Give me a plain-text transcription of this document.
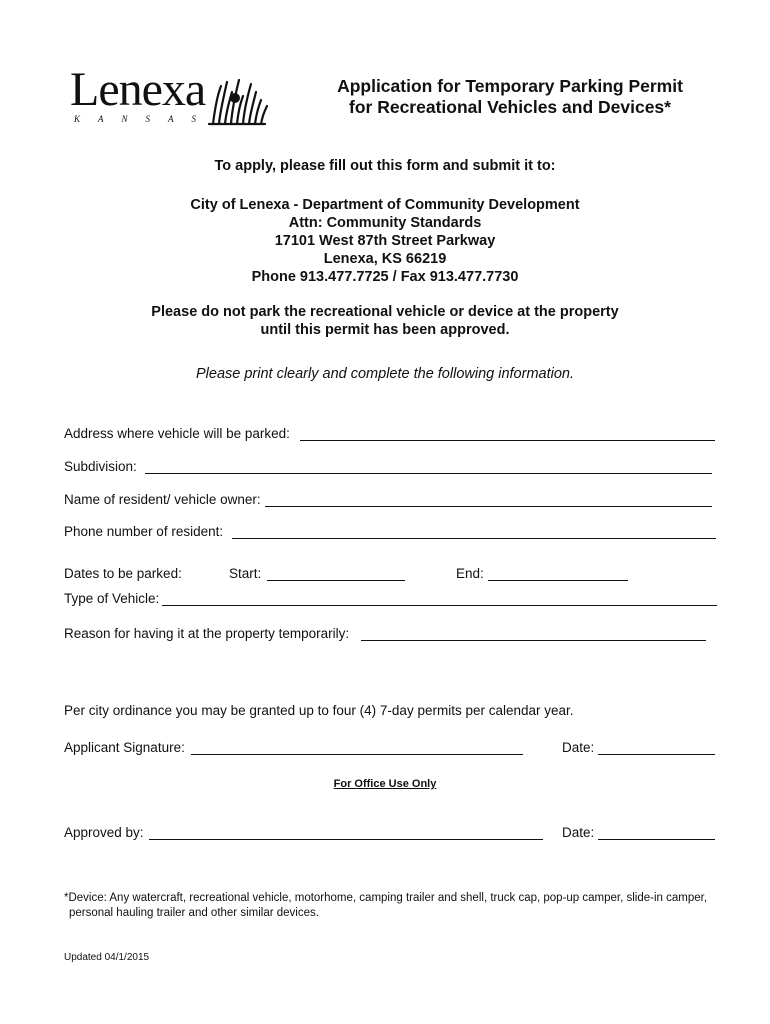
Lenexa
KANSAS
Application for Temporary Parking Permit
for Recreational Vehicles and Devices*
To apply, please fill out this form and submit it to:
City of Lenexa - Department of Community Development
Attn: Community Standards
17101 West 87th Street Parkway
Lenexa, KS 66219
Phone 913.477.7725 / Fax 913.477.7730
Please do not park the recreational vehicle or device at the property
until this permit has been approved.
Please print clearly and complete the following information.
Address where vehicle will be parked:
Subdivision:
Name of resident/ vehicle owner:
Phone number of resident:
Dates to be parked:	Start:	End:
Type of Vehicle:
Reason for having it at the property temporarily:
Per city ordinance you may be granted up to four (4) 7-day permits per calendar year.
Applicant Signature:	Date:
For Office Use Only
Approved by:	Date:
*Device: Any watercraft, recreational vehicle, motorhome, camping trailer and shell, truck cap, pop-up camper, slide-in camper,
personal hauling trailer and other similar devices.
Updated 04/1/2015
